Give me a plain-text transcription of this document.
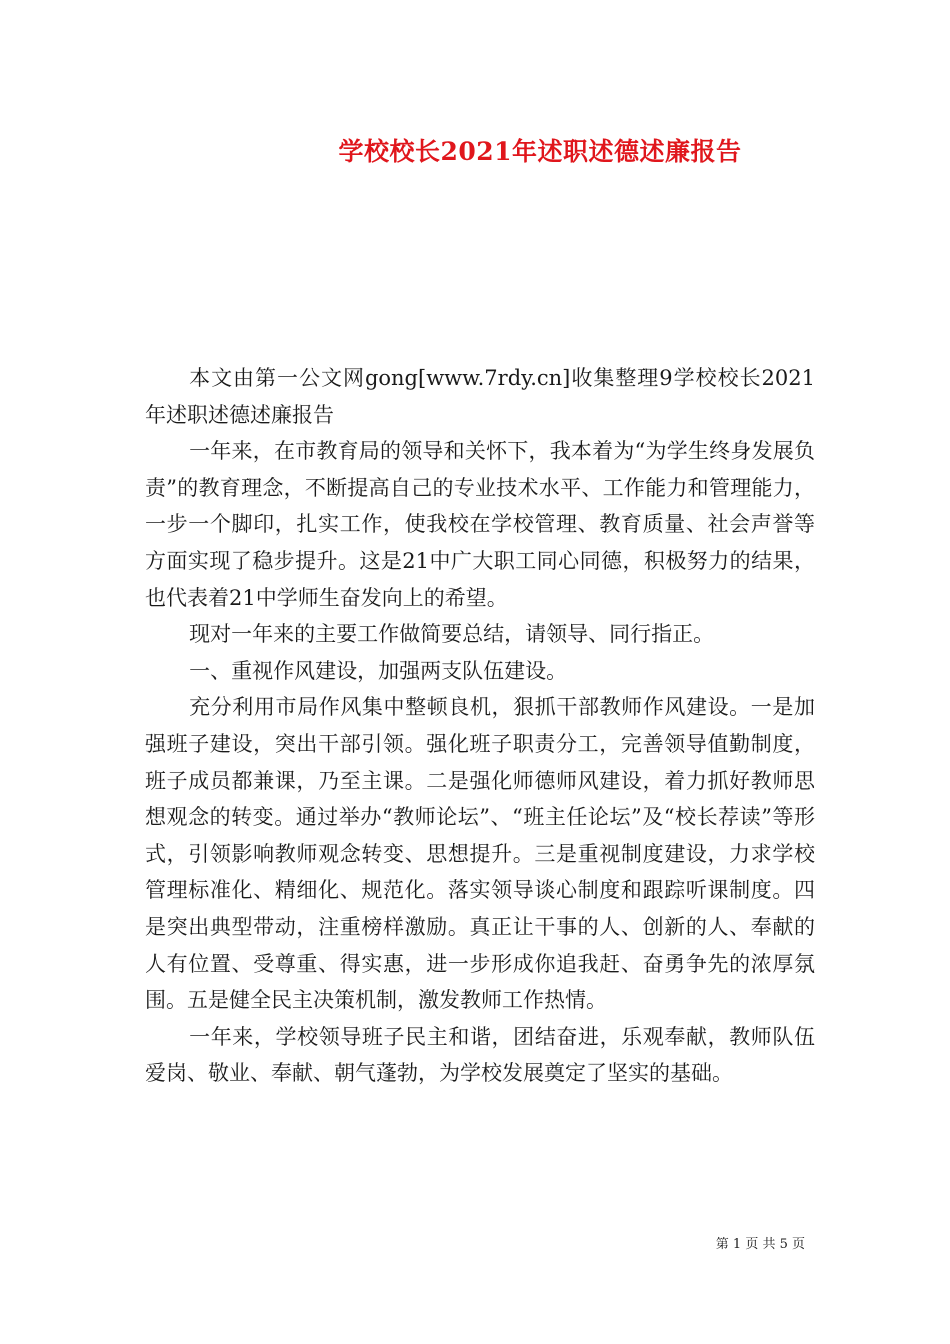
学校校长2021年述职述德述廉报告

本文由第一公文网gong[www.7rdy.cn]收集整理9学校校长2021年述职述德述廉报告

一年来，在市教育局的领导和关怀下，我本着为“为学生终身发展负责”的教育理念，不断提高自己的专业技术水平、工作能力和管理能力，一步一个脚印，扎实工作，使我校在学校管理、教育质量、社会声誉等方面实现了稳步提升。这是21中广大职工同心同德，积极努力的结果，也代表着21中学师生奋发向上的希望。

现对一年来的主要工作做简要总结，请领导、同行指正。

一、重视作风建设，加强两支队伍建设。

充分利用市局作风集中整顿良机，狠抓干部教师作风建设。一是加强班子建设，突出干部引领。强化班子职责分工，完善领导值勤制度，班子成员都兼课，乃至主课。二是强化师德师风建设，着力抓好教师思想观念的转变。通过举办“教师论坛”、“班主任论坛”及“校长荐读”等形式，引领影响教师观念转变、思想提升。三是重视制度建设，力求学校管理标准化、精细化、规范化。落实领导谈心制度和跟踪听课制度。四是突出典型带动，注重榜样激励。真正让干事的人、创新的人、奉献的人有位置、受尊重、得实惠，进一步形成你追我赶、奋勇争先的浓厚氛围。五是健全民主决策机制，激发教师工作热情。

一年来，学校领导班子民主和谐，团结奋进，乐观奉献，教师队伍爱岗、敬业、奉献、朝气蓬勃，为学校发展奠定了坚实的基础。

第 1 页 共 5 页
